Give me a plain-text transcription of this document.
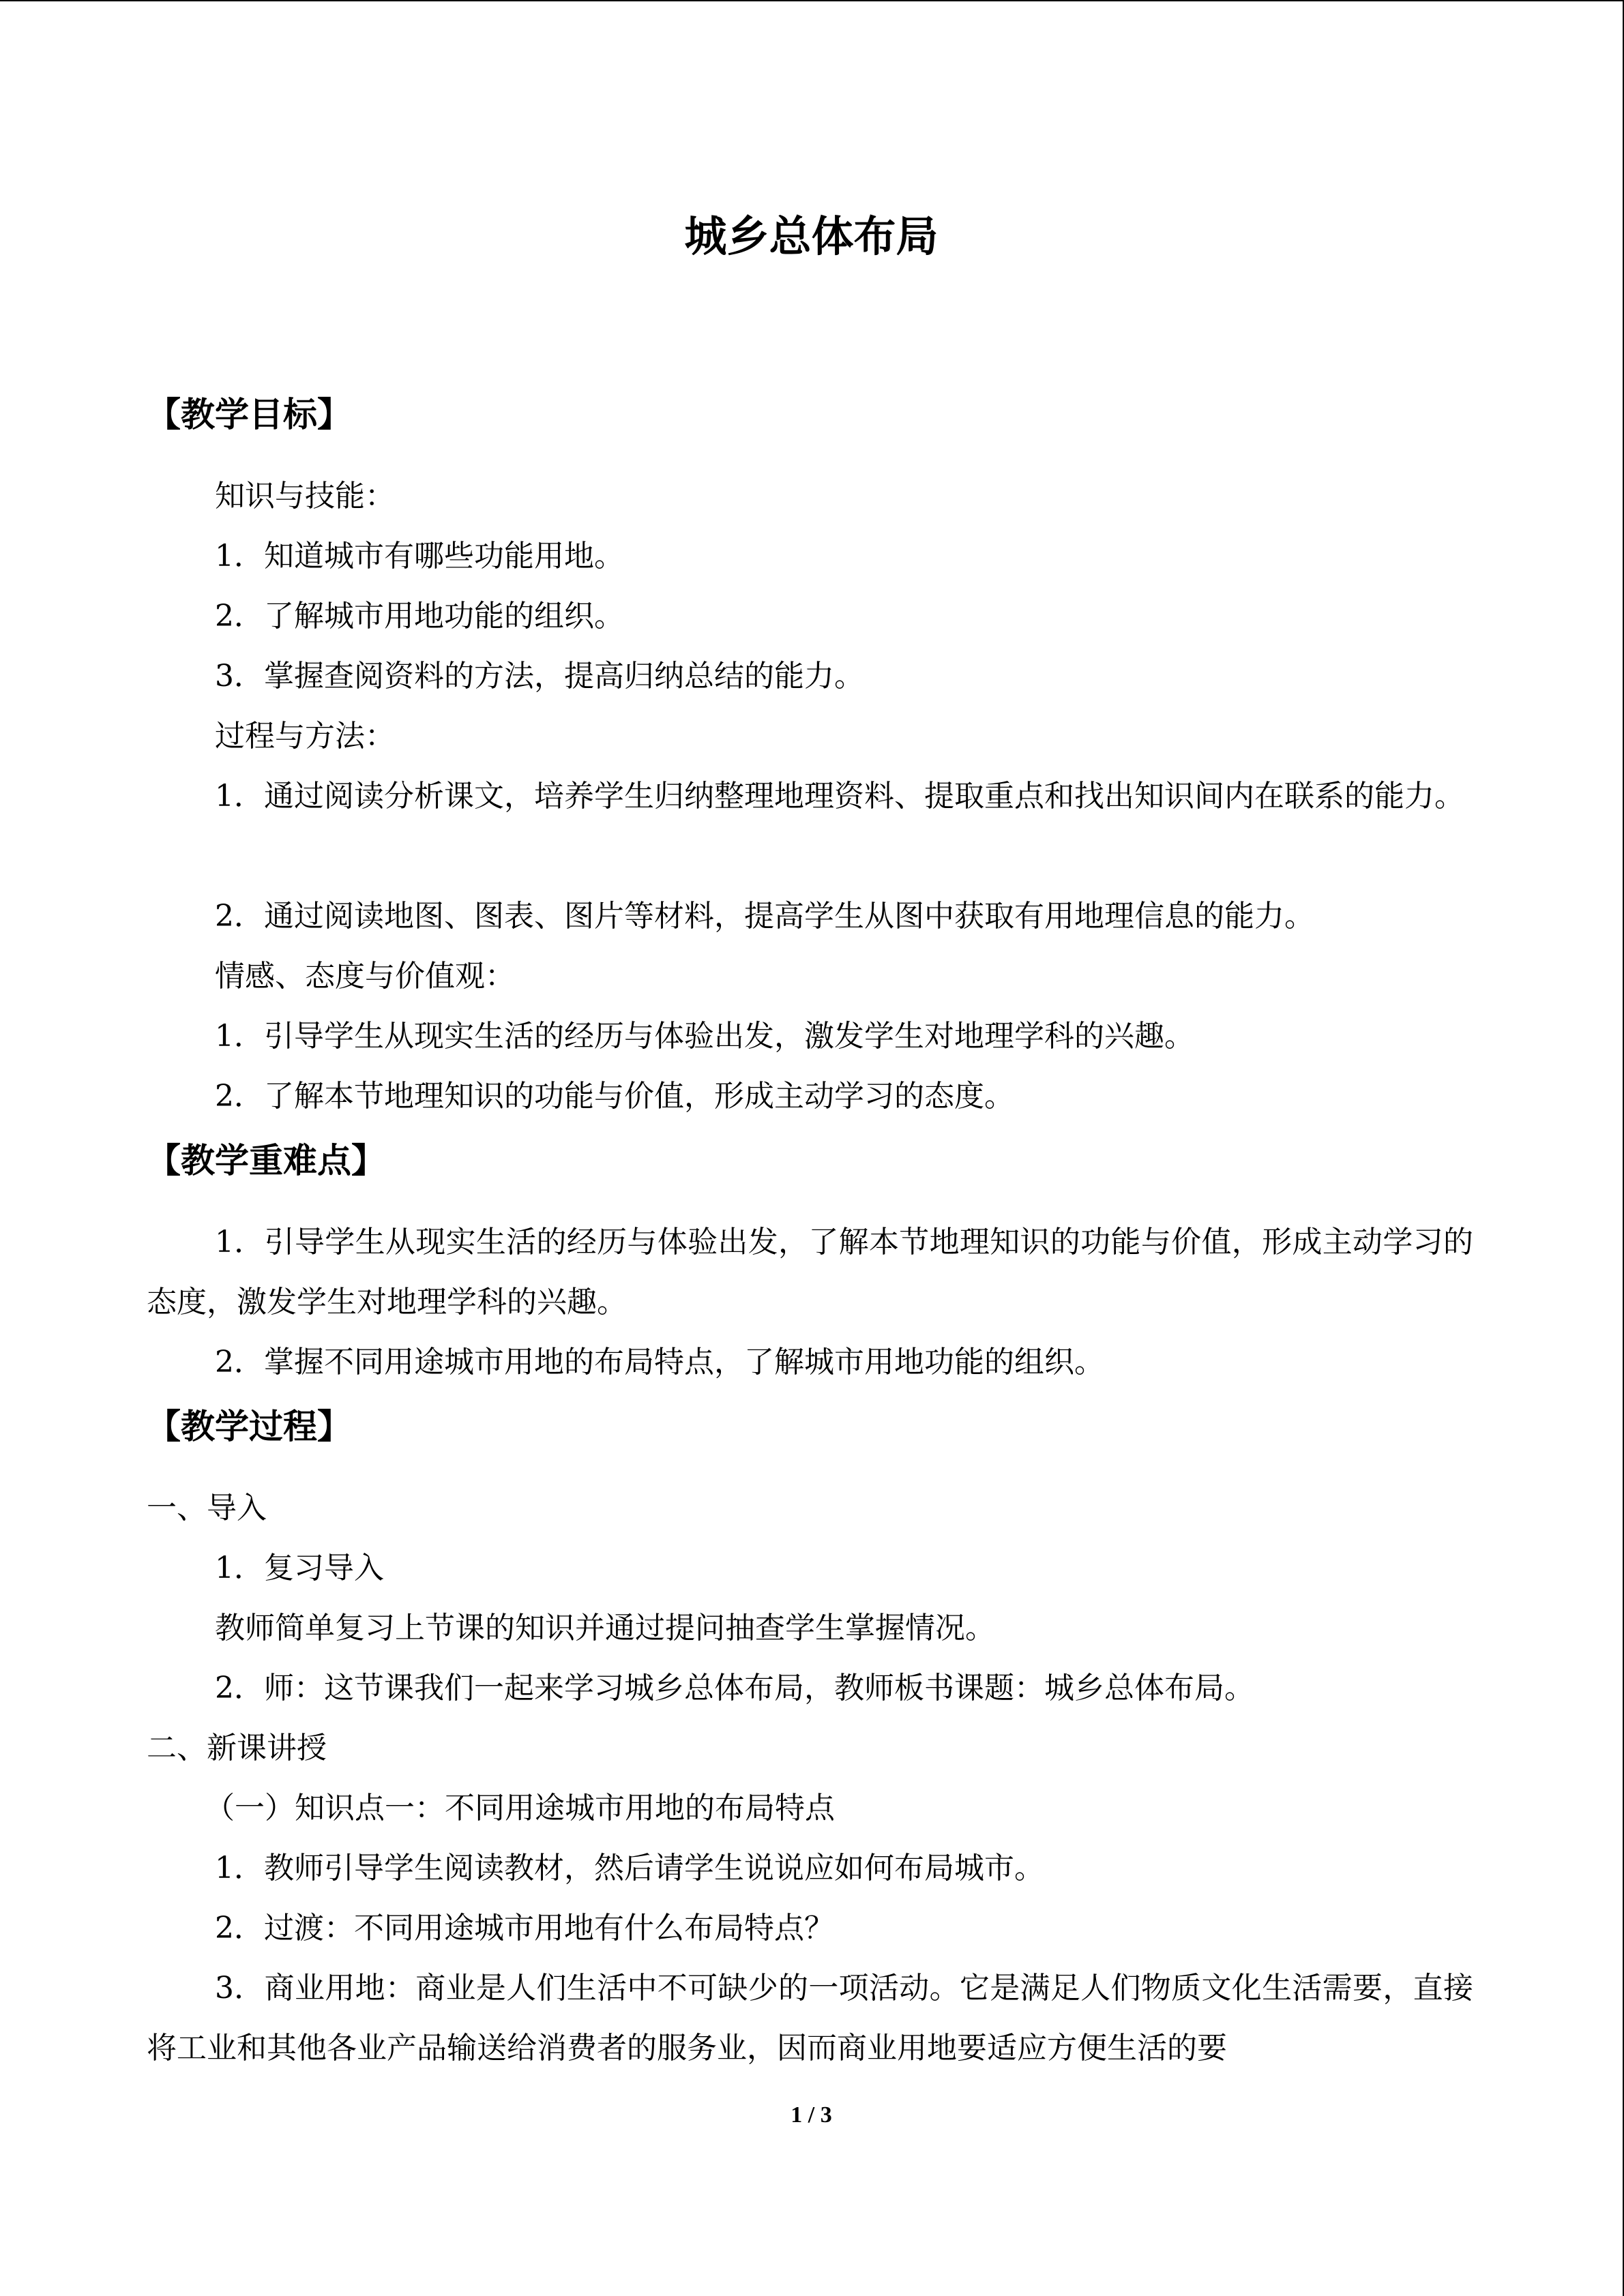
城乡总体布局
【教学目标】
知识与技能：
1．知道城市有哪些功能用地。
2．了解城市用地功能的组织。
3．掌握查阅资料的方法，提高归纳总结的能力。
过程与方法：
1．通过阅读分析课文，培养学生归纳整理地理资料、提取重点和找出知识间内在联系的能力。
2．通过阅读地图、图表、图片等材料，提高学生从图中获取有用地理信息的能力。
情感、态度与价值观：
1．引导学生从现实生活的经历与体验出发，激发学生对地理学科的兴趣。
2．了解本节地理知识的功能与价值，形成主动学习的态度。
【教学重难点】
1．引导学生从现实生活的经历与体验出发，了解本节地理知识的功能与价值，形成主动学习的态度，激发学生对地理学科的兴趣。
2．掌握不同用途城市用地的布局特点，了解城市用地功能的组织。
【教学过程】
一、导入
1．复习导入
教师简单复习上节课的知识并通过提问抽查学生掌握情况。
2．师：这节课我们一起来学习城乡总体布局，教师板书课题：城乡总体布局。
二、新课讲授
（一）知识点一：不同用途城市用地的布局特点
1．教师引导学生阅读教材，然后请学生说说应如何布局城市。
2．过渡：不同用途城市用地有什么布局特点？
3．商业用地：商业是人们生活中不可缺少的一项活动。它是满足人们物质文化生活需要，直接将工业和其他各业产品输送给消费者的服务业，因而商业用地要适应方便生活的要
1 / 3
